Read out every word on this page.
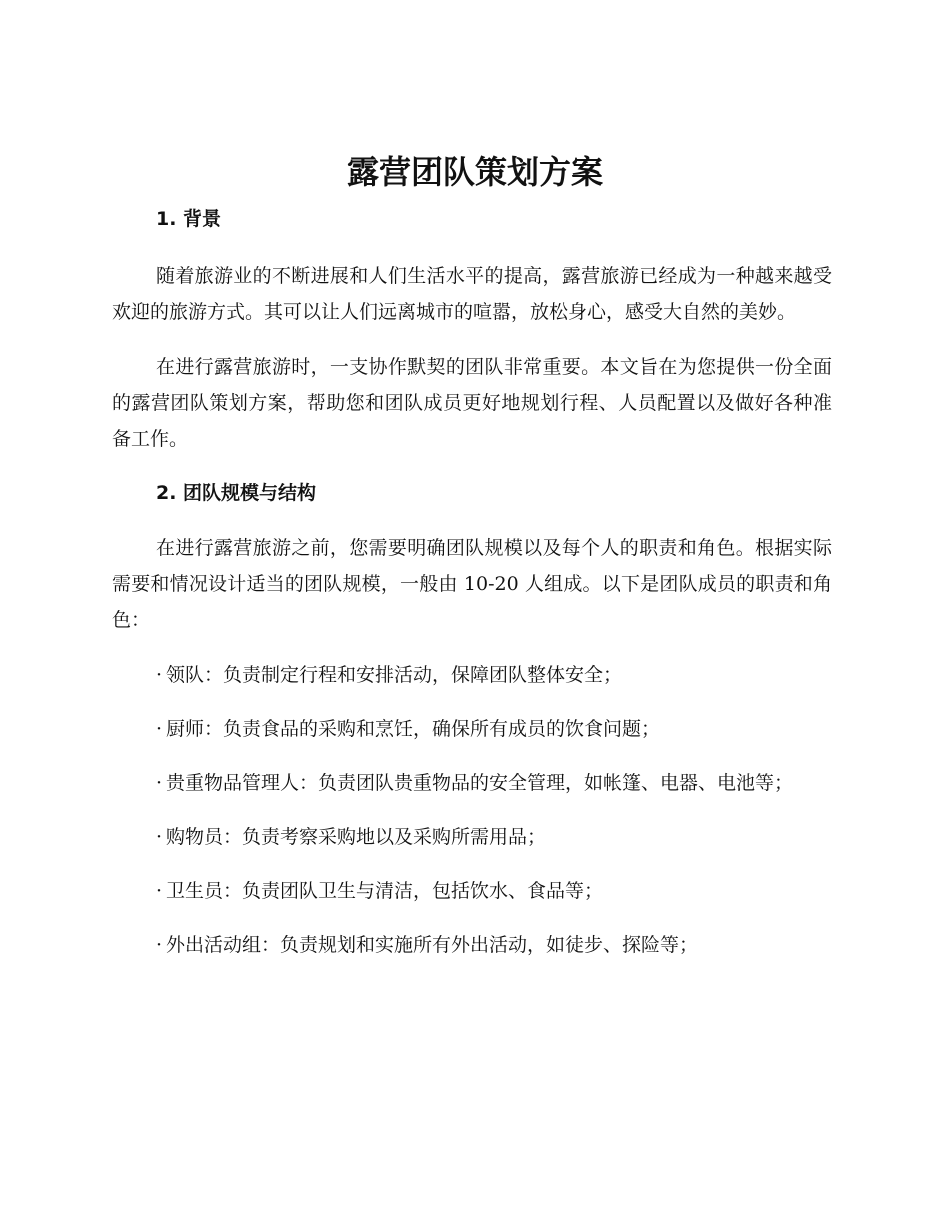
露营团队策划方案
1. 背景

随着旅游业的不断进展和人们生活水平的提高，露营旅游已经成为一种越来越受欢迎的旅游方式。其可以让人们远离城市的喧嚣，放松身心，感受大自然的美妙。

在进行露营旅游时，一支协作默契的团队非常重要。本文旨在为您提供一份全面的露营团队策划方案，帮助您和团队成员更好地规划行程、人员配置以及做好各种准备工作。

2. 团队规模与结构

在进行露营旅游之前，您需要明确团队规模以及每个人的职责和角色。根据实际需要和情况设计适当的团队规模，一般由 10-20 人组成。以下是团队成员的职责和角色：

· 领队：负责制定行程和安排活动，保障团队整体安全；
· 厨师：负责食品的采购和烹饪，确保所有成员的饮食问题；
· 贵重物品管理人：负责团队贵重物品的安全管理，如帐篷、电器、电池等；
· 购物员：负责考察采购地以及采购所需用品；
· 卫生员：负责团队卫生与清洁，包括饮水、食品等；
· 外出活动组：负责规划和实施所有外出活动，如徒步、探险等；
